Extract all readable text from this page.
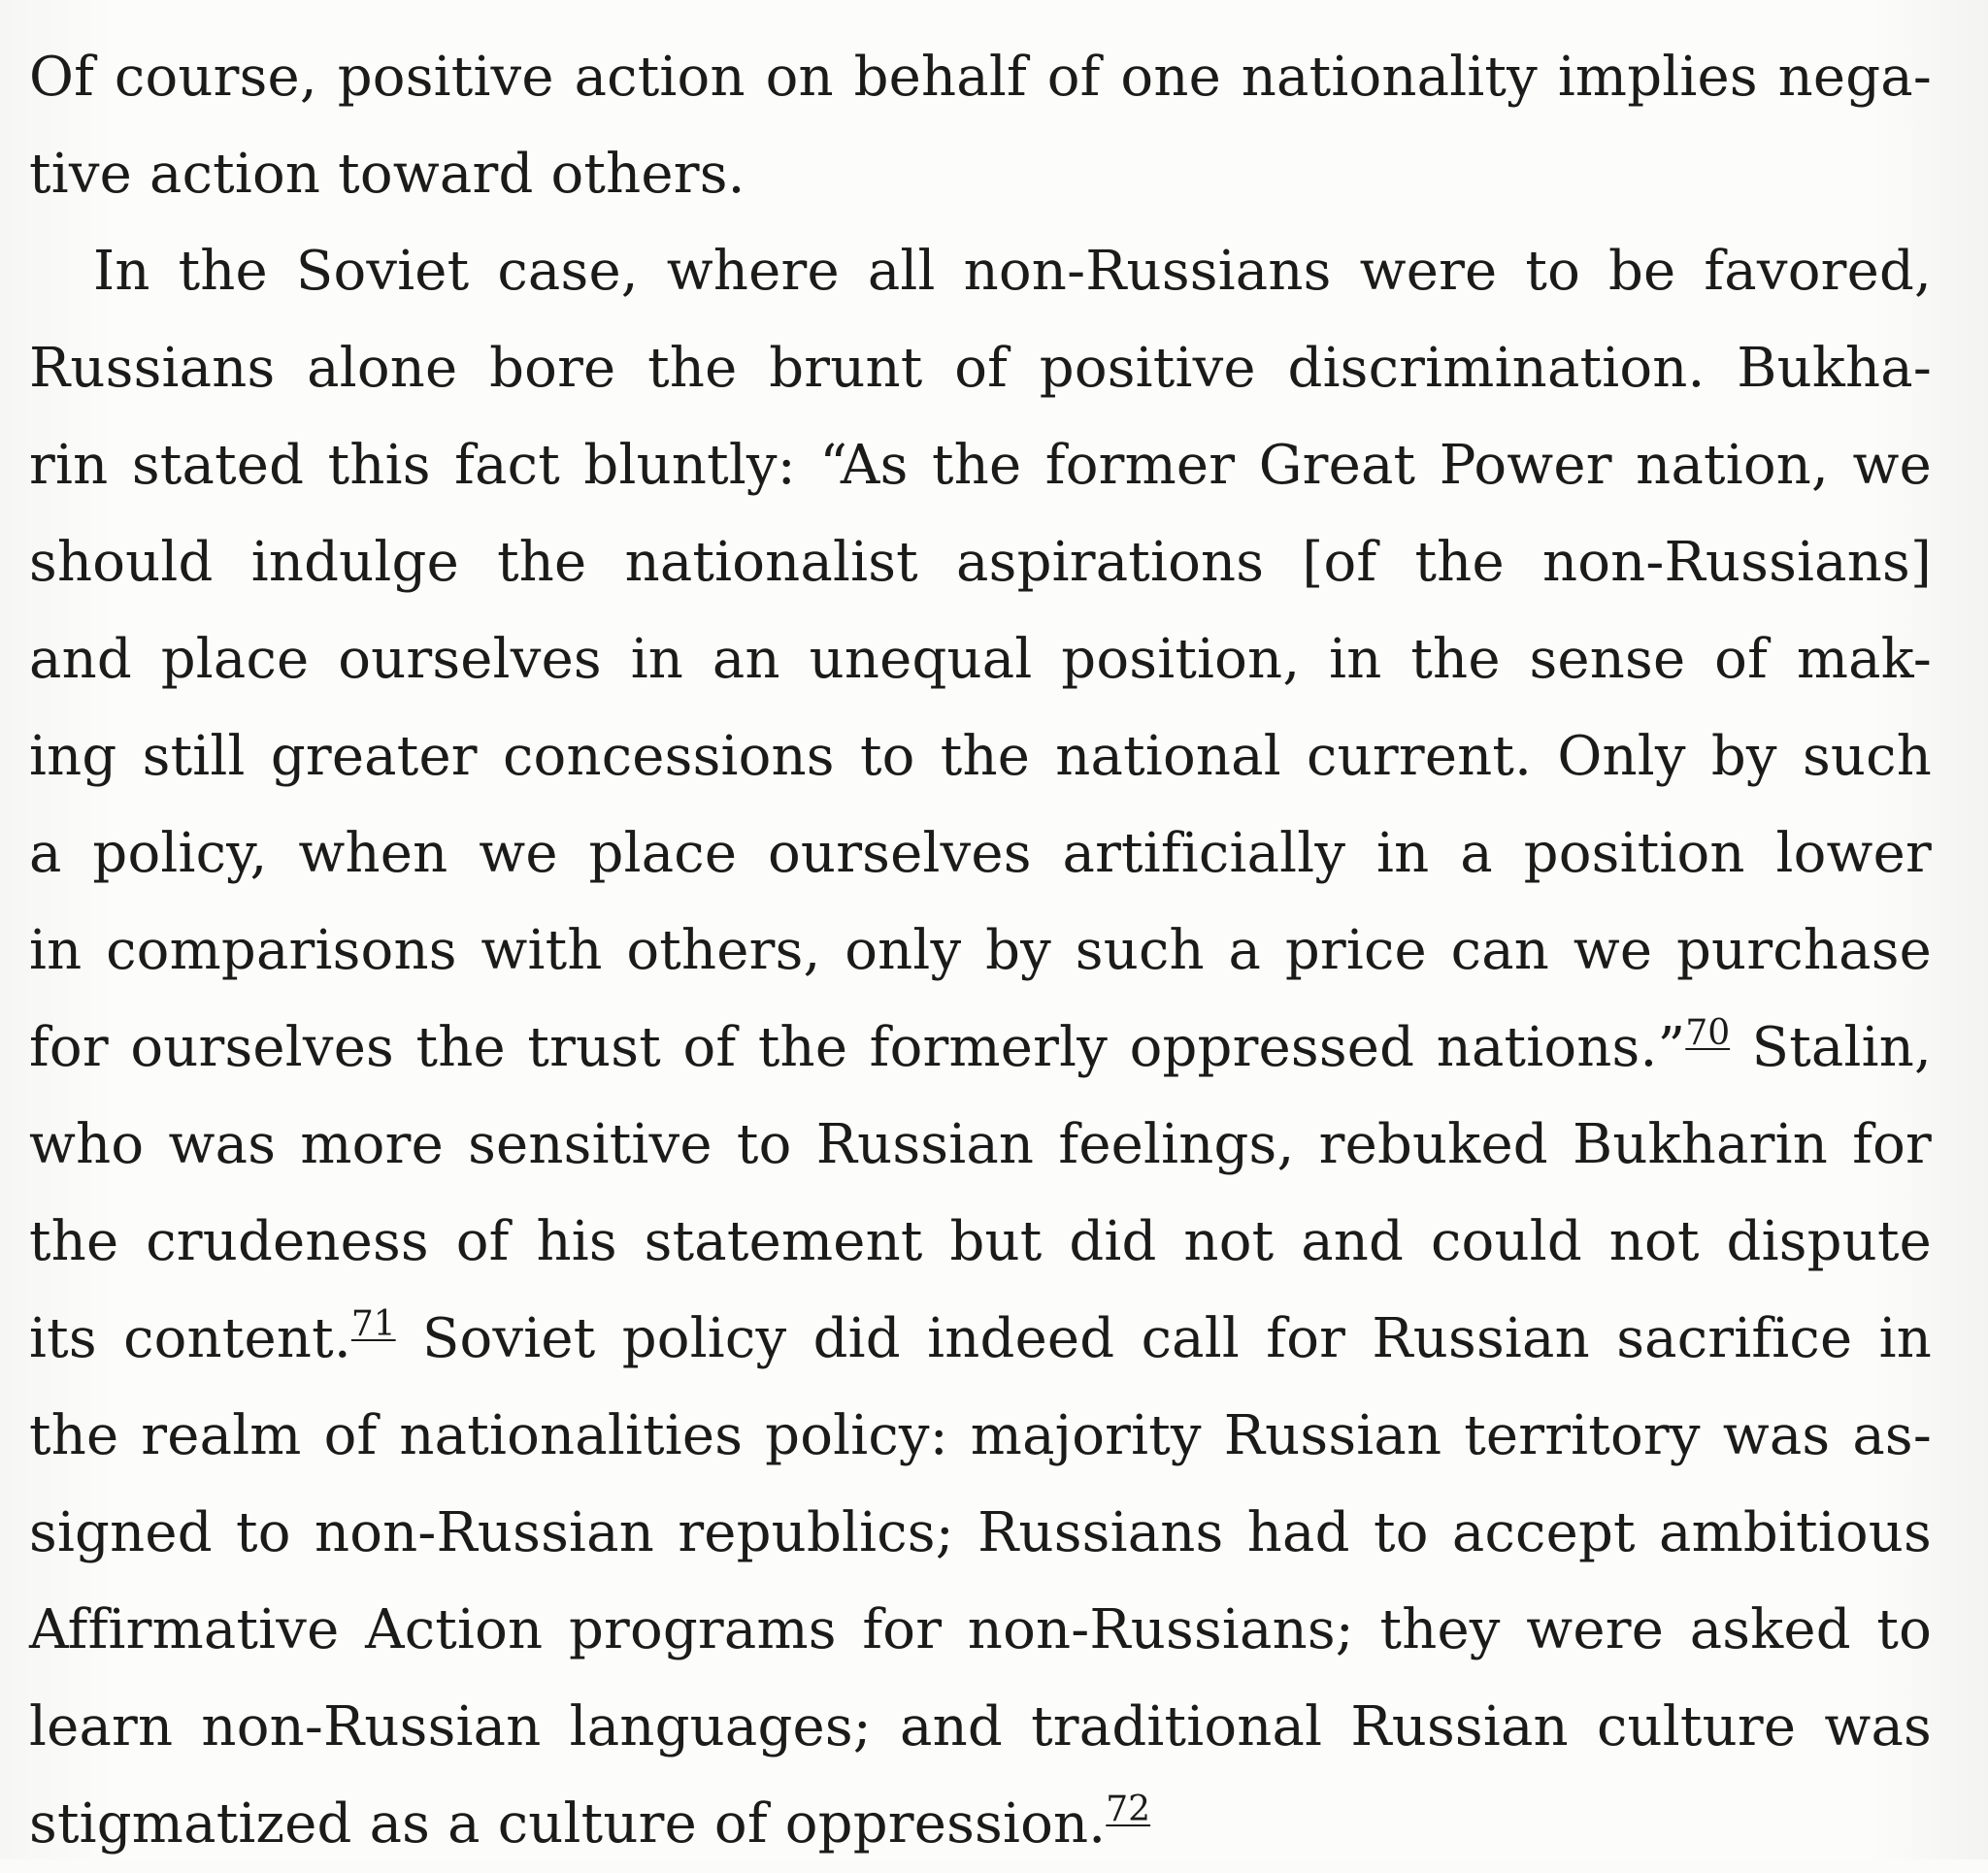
Of course, positive action on behalf of one nationality implies nega-
tive action toward others.
In the Soviet case, where all non-Russians were to be favored,
Russians alone bore the brunt of positive discrimination. Bukha-
rin stated this fact bluntly: “As the former Great Power nation, we
should indulge the nationalist aspirations [of the non-Russians]
and place ourselves in an unequal position, in the sense of mak-
ing still greater concessions to the national current. Only by such
a policy, when we place ourselves artificially in a position lower
in comparisons with others, only by such a price can we purchase
for ourselves the trust of the formerly oppressed nations.”$^{70}$ Stalin,
who was more sensitive to Russian feelings, rebuked Bukharin for
the crudeness of his statement but did not and could not dispute
its content.$^{71}$ Soviet policy did indeed call for Russian sacrifice in
the realm of nationalities policy: majority Russian territory was as-
signed to non-Russian republics; Russians had to accept ambitious
Affirmative Action programs for non-Russians; they were asked to
learn non-Russian languages; and traditional Russian culture was
stigmatized as a culture of oppression.$^{72}$
